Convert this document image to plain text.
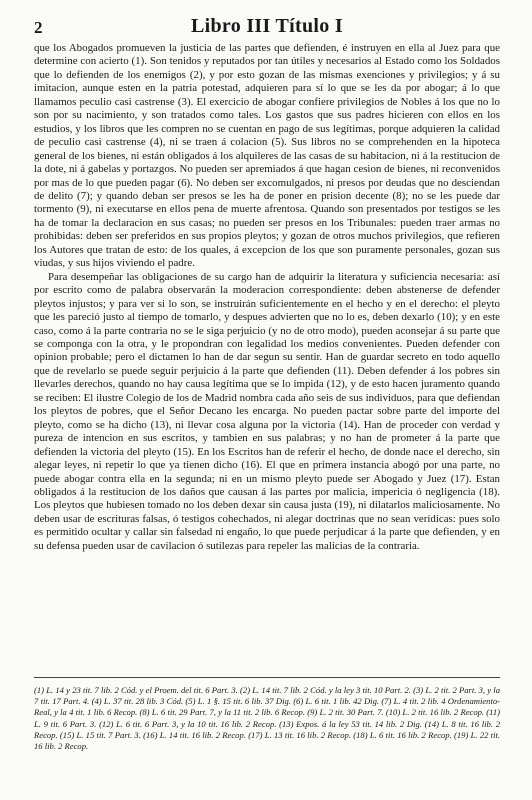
2	Libro III Título I

que los Abogados promueven la justicia de las partes que defienden, é instruyen en ella al Juez para que determine con acierto (1). Son tenidos y reputados por tan útiles y necesarios al Estado como los Soldados que lo defienden de los enemigos (2), y por esto gozan de las mismas exenciones y privilegios; y á su imitacion, aunque esten en la patria potestad, adquieren para sí lo que se les da por abogar; á lo que llamamos peculio casi castrense (3). El exercicio de abogar confiere privilegios de Nobles á los que no lo son por su nacimiento, y son tratados como tales. Los gastos que sus padres hicieren con ellos en los estudios, y los libros que les compren no se cuentan en pago de sus legítimas, porque adquieren la calidad de peculio casi castrense (4), ni se traen á colacion (5). Sus libros no se comprehenden en la hipoteca general de los bienes, ni están obligados á los alquileres de las casas de su habitacion, ni á la restitucion de la dote, ni á gabelas y portazgos. No pueden ser apremiados á que hagan cesion de bienes, ni reconvenidos por mas de lo que pueden pagar (6). No deben ser excomulgados, ni presos por deudas que no desciendan de delito (7); y quando deban ser presos se les ha de poner en prision decente (8); no se les puede dar tormento (9), ni executarse en ellos pena de muerte afrentosa. Quando son presentados por testigos se les ha de tomar la declaracion en sus casas; no pueden ser presos en los Tribunales: pueden traer armas no prohibidas: deben ser preferidos en sus propios pleytos; y gozan de otros muchos privilegios, que refieren los Autores que tratan de esto: de los quales, á excepcion de los que son puramente personales, gozan sus viudas, y sus hijos viviendo el padre.

Para desempeñar las obligaciones de su cargo han de adquirir la literatura y suficiencia necesaria: así por escrito como de palabra observarán la moderacion correspondiente: deben abstenerse de defender pleytos injustos; y para ver si lo son, se instruirán suficientemente en el hecho y en el derecho: el pleyto que les pareció justo al tiempo de tomarlo, y despues advierten que no lo es, deben dexarlo (10); y en este caso, como á la parte contraria no se le siga perjuicio (y no de otro modo), pueden aconsejar á su parte que se componga con la otra, y le propondran con legalidad los medios convenientes. Pueden defender con opinion probable; pero el dictamen lo han de dar segun su sentir. Han de guardar secreto en todo aquello que de revelarlo se puede seguir perjuicio á la parte que defienden (11). Deben defender á los pobres sin llevarles derechos, quando no hay causa legítima que se lo impida (12), y de esto hacen juramento quando se reciben: El ilustre Colegio de los de Madrid nombra cada año seis de sus individuos, para que defiendan los pleytos de pobres, que el Señor Decano les encarga. No pueden pactar sobre parte del importe del pleyto, como se ha dicho (13), ni llevar cosa alguna por la victoria (14). Han de proceder con verdad y pureza de intencion en sus escritos, y tambien en sus palabras; y no han de prometer á la parte que defienden la victoria del pleyto (15). En los Escritos han de referir el hecho, de donde nace el derecho, sin alegar leyes, ni repetir lo que ya tienen dicho (16). El que en primera instancia abogó por una parte, no puede abogar contra ella en la segunda; ni en un mismo pleyto puede ser Abogado y Juez (17). Estan obligados á la restitucion de los daños que causan á las partes por malicia, impericia ó negligencia (18). Los pleytos que hubiesen tomado no los deben dexar sin causa justa (19), ni dilatarlos maliciosamente. No deben usar de escrituras falsas, ó testigos cohechados, ni alegar doctrinas que no sean verídicas: pues solo es permitido ocultar y callar sin falsedad ni engaño, lo que puede perjudicar á la parte que defienden, y en su defensa pueden usar de cavilacion ó sutilezas para repeler las malicias de la contraria.

(1) L. 14 y 23 tit. 7 lib. 2 Cód. y el Proem. del tit. 6 Part. 3. (2) L. 14 tit. 7 lib. 2 Cód. y la ley 3 tit. 10 Part. 2. (3) L. 2 tit. 2 Part. 3, y la 7 tit. 17 Part. 4. (4) L. 37 tit. 28 lib. 3 Cód. (5) L. 1 §. 15 tit. 6 lib. 37 Dig. (6) L. 6 tit. 1 lib. 42 Dig. (7) L. 4 tit. 2 lib. 4 Ordenamiento-Real, y la 4 tit. 1 lib. 6 Recop. (8) L. 6 tit. 29 Part. 7, y la 11 tit. 2 lib. 6 Recop. (9) L. 2 tit. 30 Part. 7. (10) L. 2 tit. 16 lib. 2 Recop. (11) L. 9 tit. 6 Part. 3. (12) L. 6 tit. 6 Part. 3, y la 10 tit. 16 lib. 2 Recop. (13) Expos. á la ley 53 tit. 14 lib. 2 Dig. (14) L. 8 tit. 16 lib. 2 Recop. (15) L. 15 tit. 7 Part. 3. (16) L. 14 tit. 16 lib. 2 Recop. (17) L. 13 tit. 16 lib. 2 Recop. (18) L. 6 tit. 16 lib. 2 Recop. (19) L. 22 tit. 16 lib. 2 Recop.
